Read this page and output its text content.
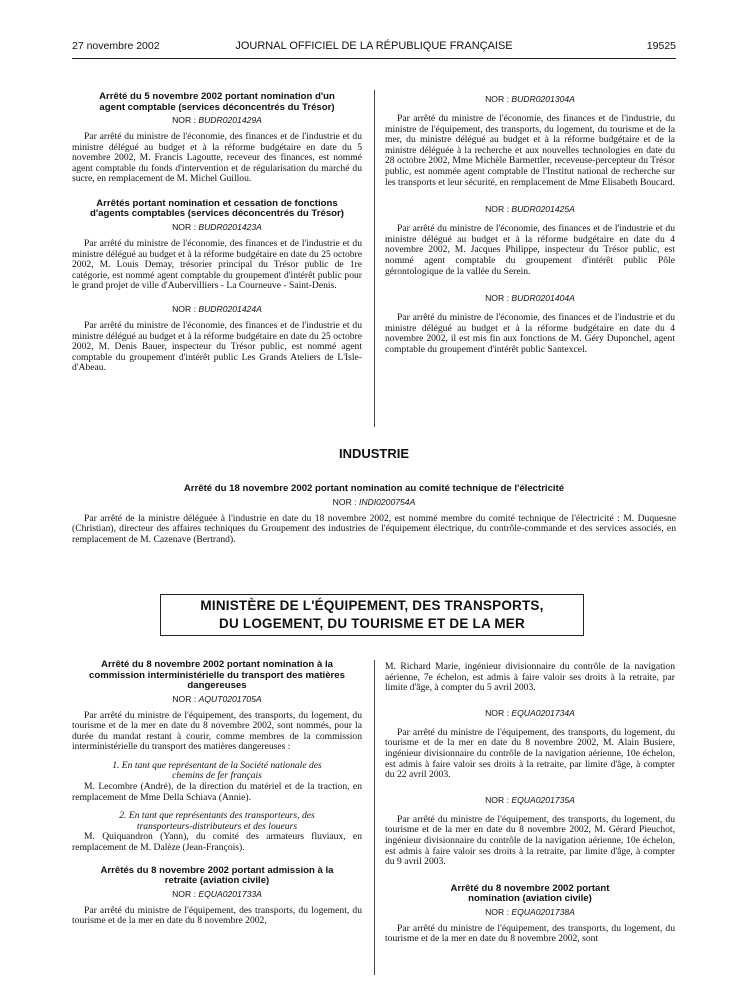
27 novembre 2002	JOURNAL OFFICIEL DE LA RÉPUBLIQUE FRANÇAISE	19525

Arrêté du 5 novembre 2002 portant nomination d'un agent comptable (services déconcentrés du Trésor)

NOR : BUDR0201429A

Par arrêté du ministre de l'économie, des finances et de l'industrie et du ministre délégué au budget et à la réforme budgétaire en date du 5 novembre 2002, M. Francis Lagoutte, receveur des finances, est nommé agent comptable du fonds d'intervention et de régularisation du marché du sucre, en remplacement de M. Michel Guillou.

Arrêtés portant nomination et cessation de fonctions d'agents comptables (services déconcentrés du Trésor)

NOR : BUDR0201423A

Par arrêté du ministre de l'économie, des finances et de l'industrie et du ministre délégué au budget et à la réforme budgétaire en date du 25 octobre 2002, M. Louis Demay, trésorier principal du Trésor public de 1re catégorie, est nommé agent comptable du groupement d'intérêt public pour le grand projet de ville d'Aubervilliers - La Courneuve - Saint-Denis.

NOR : BUDR0201424A

Par arrêté du ministre de l'économie, des finances et de l'industrie et du ministre délégué au budget et à la réforme budgétaire en date du 25 octobre 2002, M. Denis Bauer, inspecteur du Trésor public, est nommé agent comptable du groupement d'intérêt public Les Grands Ateliers de L'Isle-d'Abeau.

NOR : BUDR0201304A

Par arrêté du ministre de l'économie, des finances et de l'industrie, du ministre de l'équipement, des transports, du logement, du tourisme et de la mer, du ministre délégué au budget et à la réforme budgétaire et de la ministre déléguée à la recherche et aux nouvelles technologies en date du 28 octobre 2002, Mme Michèle Barmettler, receveuse-percepteur du Trésor public, est nommée agent comptable de l'Institut national de recherche sur les transports et leur sécurité, en remplacement de Mme Elisabeth Boucard.

NOR : BUDR0201425A

Par arrêté du ministre de l'économie, des finances et de l'industrie et du ministre délégué au budget et à la réforme budgétaire en date du 4 novembre 2002, M. Jacques Philippe, inspecteur du Trésor public, est nommé agent comptable du groupement d'intérêt public Pôle gérontologique de la vallée du Serein.

NOR : BUDR0201404A

Par arrêté du ministre de l'économie, des finances et de l'industrie et du ministre délégué au budget et à la réforme budgétaire en date du 4 novembre 2002, il est mis fin aux fonctions de M. Géry Duponchel, agent comptable du groupement d'intérêt public Santexcel.

INDUSTRIE

Arrêté du 18 novembre 2002 portant nomination au comité technique de l'électricité

NOR : INDI0200754A

Par arrêté de la ministre déléguée à l'industrie en date du 18 novembre 2002, est nommé membre du comité technique de l'électricité : M. Duquesne (Christian), directeur des affaires techniques du Groupement des industries de l'équipement électrique, du contrôle-commande et des services associés, en remplacement de M. Cazenave (Bertrand).

MINISTÈRE DE L'ÉQUIPEMENT, DES TRANSPORTS,
DU LOGEMENT, DU TOURISME ET DE LA MER

Arrêté du 8 novembre 2002 portant nomination à la commission interministérielle du transport des matières dangereuses

NOR : AQUT0201705A

Par arrêté du ministre de l'équipement, des transports, du logement, du tourisme et de la mer en date du 8 novembre 2002, sont nommés, pour la durée du mandat restant à courir, comme membres de la commission interministérielle du transport des matières dangereuses :

1. En tant que représentant de la Société nationale des chemins de fer français

M. Lecombre (André), de la direction du matériel et de la traction, en remplacement de Mme Della Schiava (Annie).

2. En tant que représentants des transporteurs, des transporteurs-distributeurs et des loueurs

M. Quiquandron (Yann), du comité des armateurs fluviaux, en remplacement de M. Dalèze (Jean-François).

Arrêtés du 8 novembre 2002 portant admission à la retraite (aviation civile)

NOR : EQUA0201733A

Par arrêté du ministre de l'équipement, des transports, du logement, du tourisme et de la mer en date du 8 novembre 2002,

M. Richard Marie, ingénieur divisionnaire du contrôle de la navigation aérienne, 7e échelon, est admis à faire valoir ses droits à la retraite, par limite d'âge, à compter du 5 avril 2003.

NOR : EQUA0201734A

Par arrêté du ministre de l'équipement, des transports, du logement, du tourisme et de la mer en date du 8 novembre 2002, M. Alain Busiere, ingénieur divisionnaire du contrôle de la navigation aérienne, 10e échelon, est admis à faire valoir ses droits à la retraite, par limite d'âge, à compter du 22 avril 2003.

NOR : EQUA0201735A

Par arrêté du ministre de l'équipement, des transports, du logement, du tourisme et de la mer en date du 8 novembre 2002, M. Gérard Pieuchot, ingénieur divisionnaire du contrôle de la navigation aérienne, 10e échelon, est admis à faire valoir ses droits à la retraite, par limite d'âge, à compter du 9 avril 2003.

Arrêté du 8 novembre 2002 portant nomination (aviation civile)

NOR : EQUA0201738A

Par arrêté du ministre de l'équipement, des transports, du logement, du tourisme et de la mer en date du 8 novembre 2002, sont
